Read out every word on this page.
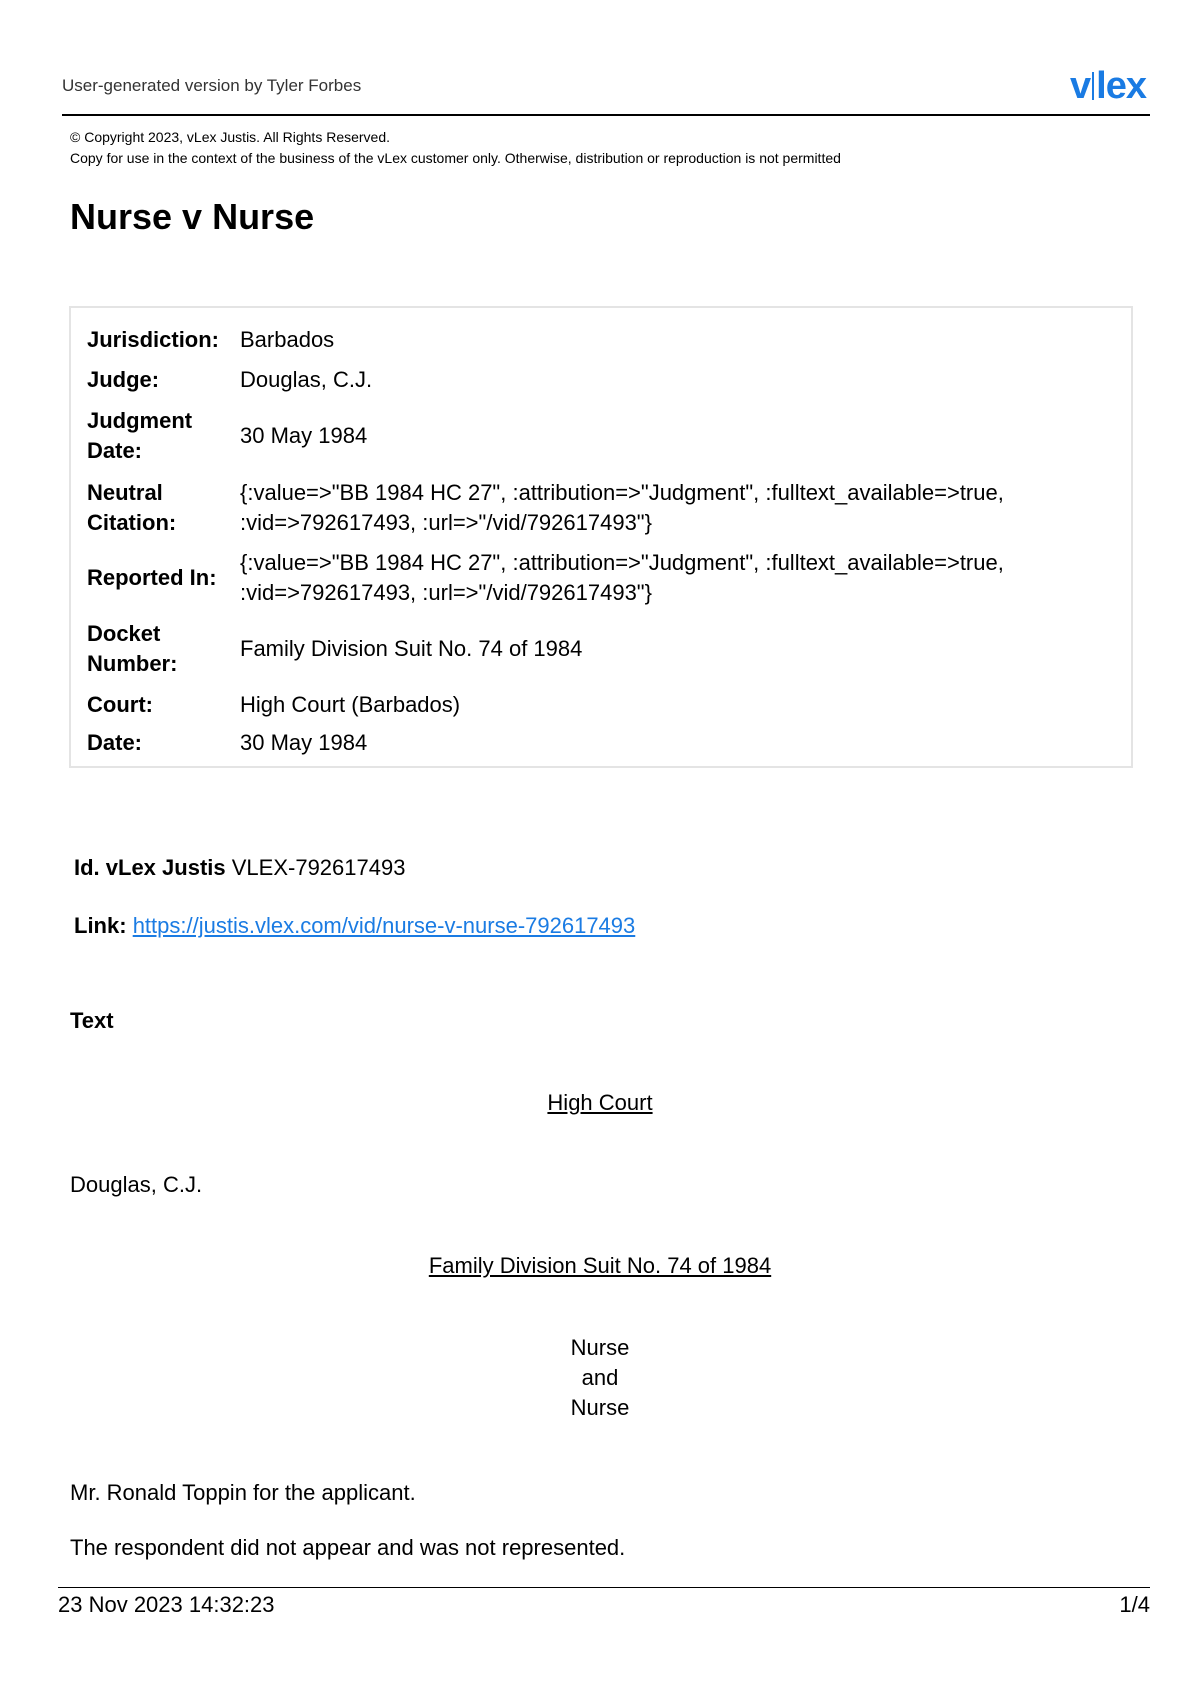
User-generated version by Tyler Forbes	v lex
© Copyright 2023, vLex Justis. All Rights Reserved.
Copy for use in the context of the business of the vLex customer only. Otherwise, distribution or reproduction is not permitted
Nurse v Nurse
Jurisdiction: Barbados
Judge:	Douglas, C.J.
Judgment Date:
30 May 1984
Neutral Citation:
{:value=>"BB 1984 HC 27", :attribution=>"Judgment", :fulltext_available=>true, :vid=>792617493, :url=>"/vid/792617493"}
Reported In:
{:value=>"BB 1984 HC 27", :attribution=>"Judgment", :fulltext_available=>true, :vid=>792617493, :url=>"/vid/792617493"}
Docket Number:
Family Division Suit No. 74 of 1984
Court:	High Court (Barbados)
Date:	30 May 1984
Id. vLex Justis VLEX-792617493
Link: https://justis.vlex.com/vid/nurse-v-nurse-792617493
Text
High Court
Douglas, C.J.
Family Division Suit No. 74 of 1984
Nurse
and
Nurse
Mr. Ronald Toppin for the applicant.
The respondent did not appear and was not represented.
23 Nov 2023 14:32:23	1/4
